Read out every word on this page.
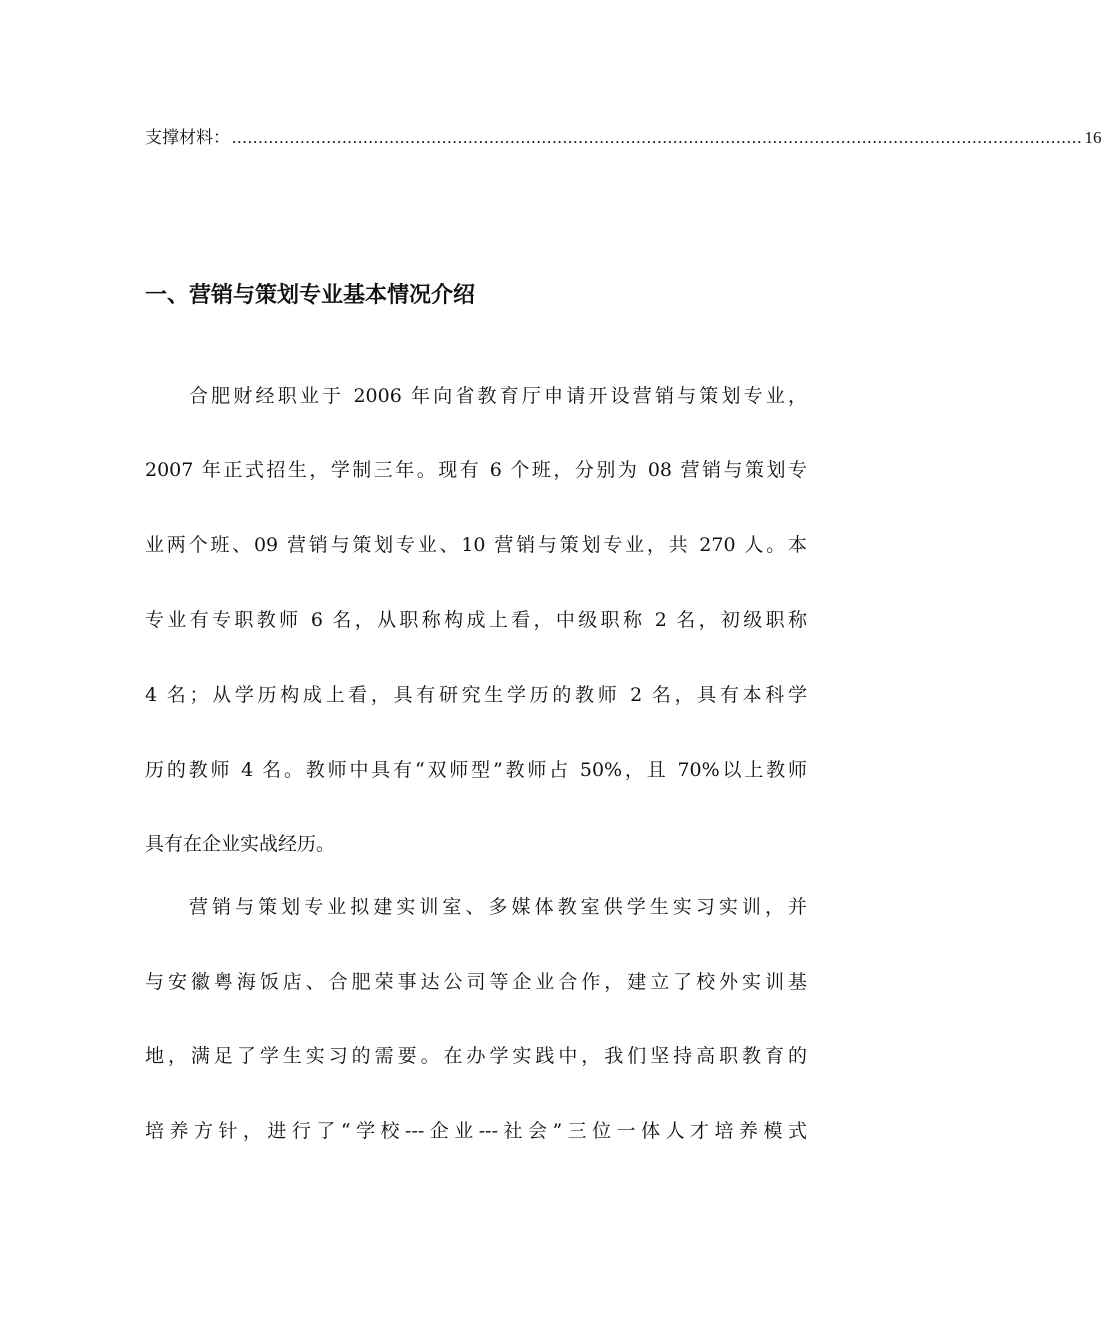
支撑材料： .................................................................................................................................................................. 16
一、营销与策划专业基本情况介绍
合肥财经职业于 2006 年向省教育厅申请开设营销与策划专业，
2007 年正式招生，学制三年。现有 6 个班，分别为 08 营销与策划专
业两个班、09 营销与策划专业、10 营销与策划专业，共 270 人。本
专业有专职教师 6 名，从职称构成上看，中级职称 2 名，初级职称
4 名；从学历构成上看，具有研究生学历的教师 2 名，具有本科学
历的教师 4 名。教师中具有“双师型”教师占 50%，且 70%以上教师
具有在企业实战经历。
营销与策划专业拟建实训室、多媒体教室供学生实习实训，并
与安徽粤海饭店、合肥荣事达公司等企业合作，建立了校外实训基
地，满足了学生实习的需要。在办学实践中，我们坚持高职教育的
培养方针，进行了“学校---企业---社会”三位一体人才培养模式
